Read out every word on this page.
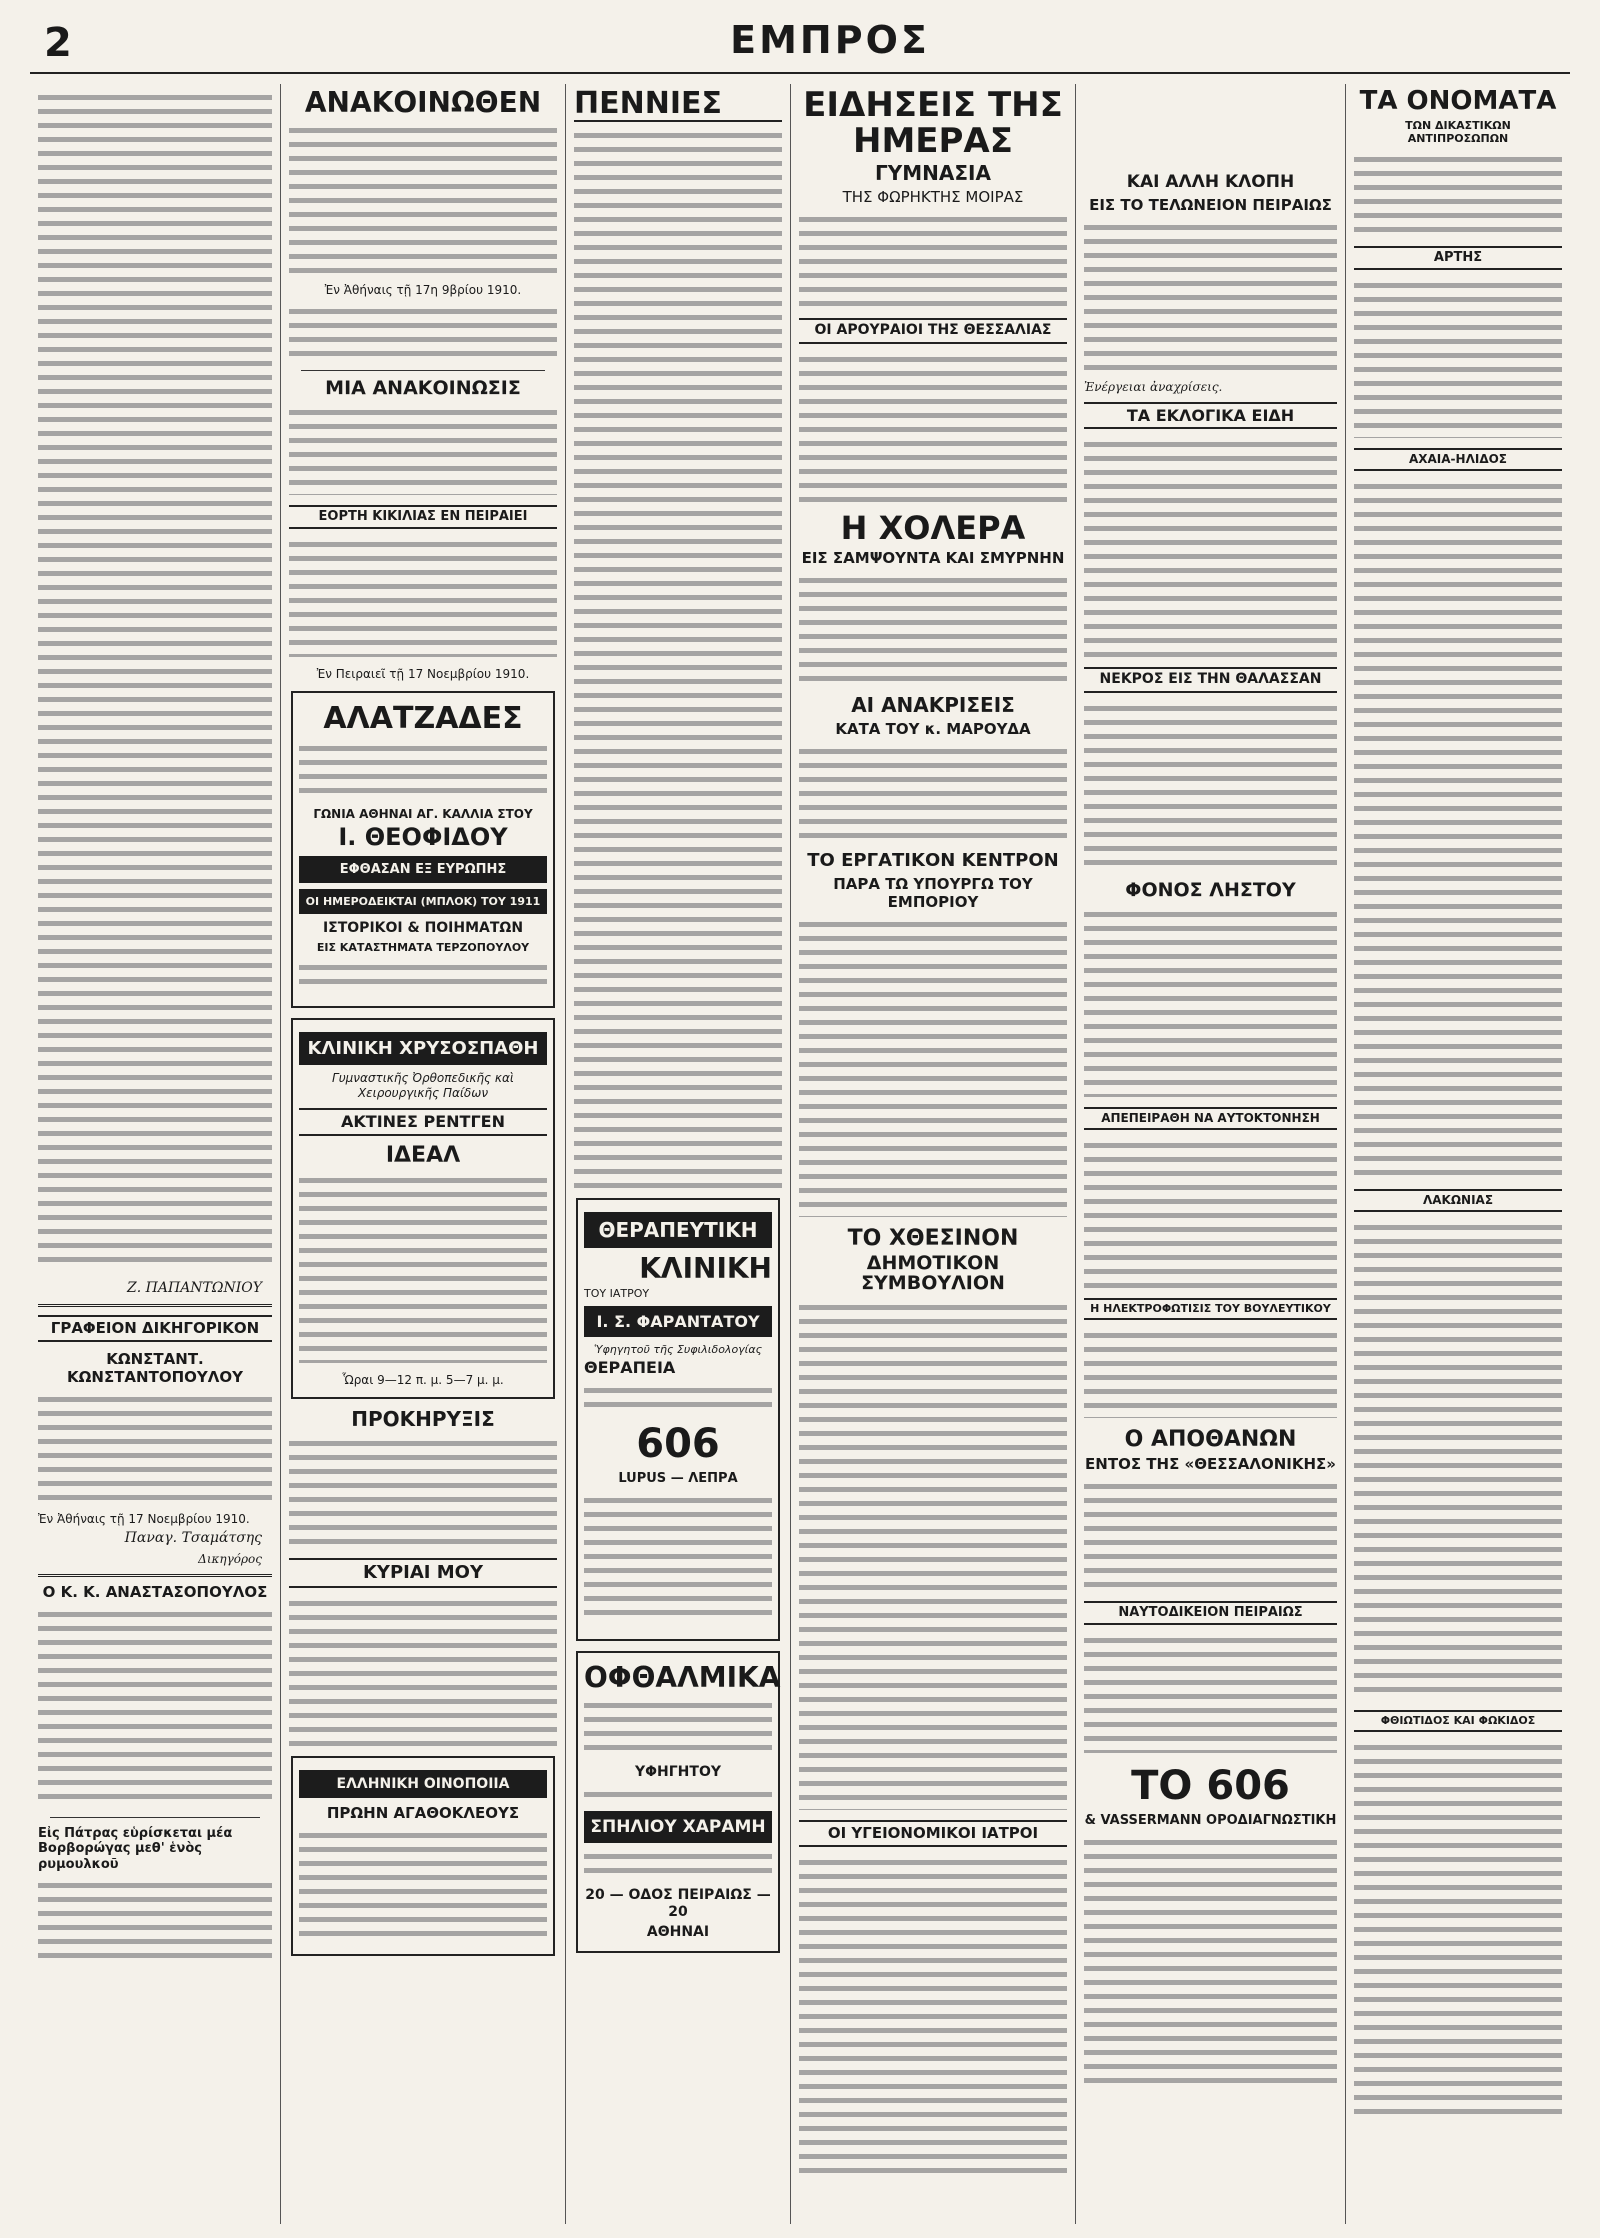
2	ΕΜΠΡΟΣ
Ζ. ΠΑΠΑΝΤΩΝΙΟΥ
ΓΡΑΦΕΙΟΝ ΔΙΚΗΓΟΡΙΚΟΝ
ΚΩΝΣΤΑΝΤ. ΚΩΝΣΤΑΝΤΟΠΟΥΛΟΥ
Ἐν Ἀθήναις τῇ 17 Νοεμβρίου 1910.
Παναγ. Τσαμάτσης
Δικηγόρος
Ο Κ. Κ. ΑΝΑΣΤΑΣΟΠΟΥΛΟΣ
Εἰς Πάτρας εὑρίσκεται μέα Βορβορώγας μεθ' ἑνὸς ρυμουλκοῦ
ΑΝΑΚΟΙΝΩΘΕΝ
Ἐν Ἀθήναις τῇ 17η 9βρίου 1910.
ΜΙΑ ΑΝΑΚΟΙΝΩΣΙΣ
ΕΟΡΤΗ ΚΙΚΙΛΙΑΣ ΕΝ ΠΕΙΡΑΙΕΙ
Ἐν Πειραιεῖ τῇ 17 Νοεμβρίου 1910.
ΑΛΑΤΖΑΔΕΣ
ΓΩΝΙΑ ΑΘΗΝΑΙ ΑΓ. ΚΑΛΛΙΑ ΣΤΟΥ
Ι. ΘΕΟΦΙΔΟΥ
ΕΦΘΑΣΑΝ ΕΞ ΕΥΡΩΠΗΣ
ΟΙ ΗΜΕΡΟΔΕΙΚΤΑΙ (ΜΠΛΟΚ) ΤΟΥ 1911
ΙΣΤΟΡΙΚΟΙ & ΠΟΙΗΜΑΤΩΝ
ΕΙΣ ΚΑΤΑΣΤΗΜΑΤΑ ΤΕΡΖΟΠΟΥΛΟΥ
ΚΛΙΝΙΚΗ ΧΡΥΣΟΣΠΑΘΗ
Γυμναστικῆς Ὀρθοπεδικῆς καὶ Χειρουργικῆς Παίδων
ΑΚΤΙΝΕΣ ΡΕΝΤΓΕΝ
ΙΔΕΑΛ
Ὧραι 9—12 π. μ. 5—7 μ. μ.
ΠΡΟΚΗΡΥΞΙΣ
ΚΥΡΙΑΙ ΜΟΥ
ΕΛΛΗΝΙΚΗ ΟΙΝΟΠΟΙΙΑ
ΠΡΩΗΝ ΑΓΑΘΟΚΛΕΟΥΣ
ΠΕΝΝΙΕΣ
ΘΕΡΑΠΕΥΤΙΚΗ
ΚΛΙΝΙΚΗ
ΤΟΥ ΙΑΤΡΟΥ
Ι. Σ. ΦΑΡΑΝΤΑΤΟΥ
Ὑφηγητοῦ τῆς Συφιλιδολογίας
ΘΕΡΑΠΕΙΑ
606
LUPUS — ΛΕΠΡΑ
ΟΦΘΑΛΜΙΚΑ
ΥΦΗΓΗΤΟΥ
ΣΠΗΛΙΟΥ ΧΑΡΑΜΗ
20 — ΟΔΟΣ ΠΕΙΡΑΙΩΣ — 20
ΑΘΗΝΑΙ
ΕΙΔΗΣΕΙΣ ΤΗΣ ΗΜΕΡΑΣ
ΓΥΜΝΑΣΙΑ
ΤΗΣ ΦΩΡΗΚΤΗΣ ΜΟΙΡΑΣ
ΟΙ ΑΡΟΥΡΑΙΟΙ ΤΗΣ ΘΕΣΣΑΛΙΑΣ
Η ΧΟΛΕΡΑ
ΕΙΣ ΣΑΜΨΟΥΝΤΑ ΚΑΙ ΣΜΥΡΝΗΝ
ΑΙ ΑΝΑΚΡΙΣΕΙΣ
ΚΑΤΑ ΤΟΥ κ. ΜΑΡΟΥΔΑ
ΤΟ ΕΡΓΑΤΙΚΟΝ ΚΕΝΤΡΟΝ
ΠΑΡΑ ΤΩ ΥΠΟΥΡΓΩ ΤΟΥ ΕΜΠΟΡΙΟΥ
ΤΟ ΧΘΕΣΙΝΟΝ
ΔΗΜΟΤΙΚΟΝ ΣΥΜΒΟΥΛΙΟΝ
ΟΙ ΥΓΕΙΟΝΟΜΙΚΟΙ ΙΑΤΡΟΙ
ΚΑΙ ΑΛΛΗ ΚΛΟΠΗ
ΕΙΣ ΤΟ ΤΕΛΩΝΕΙΟΝ ΠΕΙΡΑΙΩΣ
Ἐνέργειαι ἀναχρίσεις.
ΤΑ ΕΚΛΟΓΙΚΑ ΕΙΔΗ
ΝΕΚΡΟΣ ΕΙΣ ΤΗΝ ΘΑΛΑΣΣΑΝ
ΦΟΝΟΣ ΛΗΣΤΟΥ
ΑΠΕΠΕΙΡΑΘΗ ΝΑ ΑΥΤΟΚΤΟΝΗΣΗ
Η ΗΛΕΚΤΡΟΦΩΤΙΣΙΣ ΤΟΥ ΒΟΥΛΕΥΤΙΚΟΥ
Ο ΑΠΟΘΑΝΩΝ
ΕΝΤΟΣ ΤΗΣ «ΘΕΣΣΑΛΟΝΙΚΗΣ»
ΝΑΥΤΟΔΙΚΕΙΟΝ ΠΕΙΡΑΙΩΣ
ΤΟ 606
& VASSERMANN ΟΡΟΔΙΑΓΝΩΣΤΙΚΗ
ΤΑ ΟΝΟΜΑΤΑ
ΤΩΝ ΔΙΚΑΣΤΙΚΩΝ ΑΝΤΙΠΡΟΣΩΠΩΝ
ΑΡΤΗΣ
ΑΧΑΙΑ-ΗΛΙΔΟΣ
ΛΑΚΩΝΙΑΣ
ΦΘΙΩΤΙΔΟΣ ΚΑΙ ΦΩΚΙΔΟΣ
